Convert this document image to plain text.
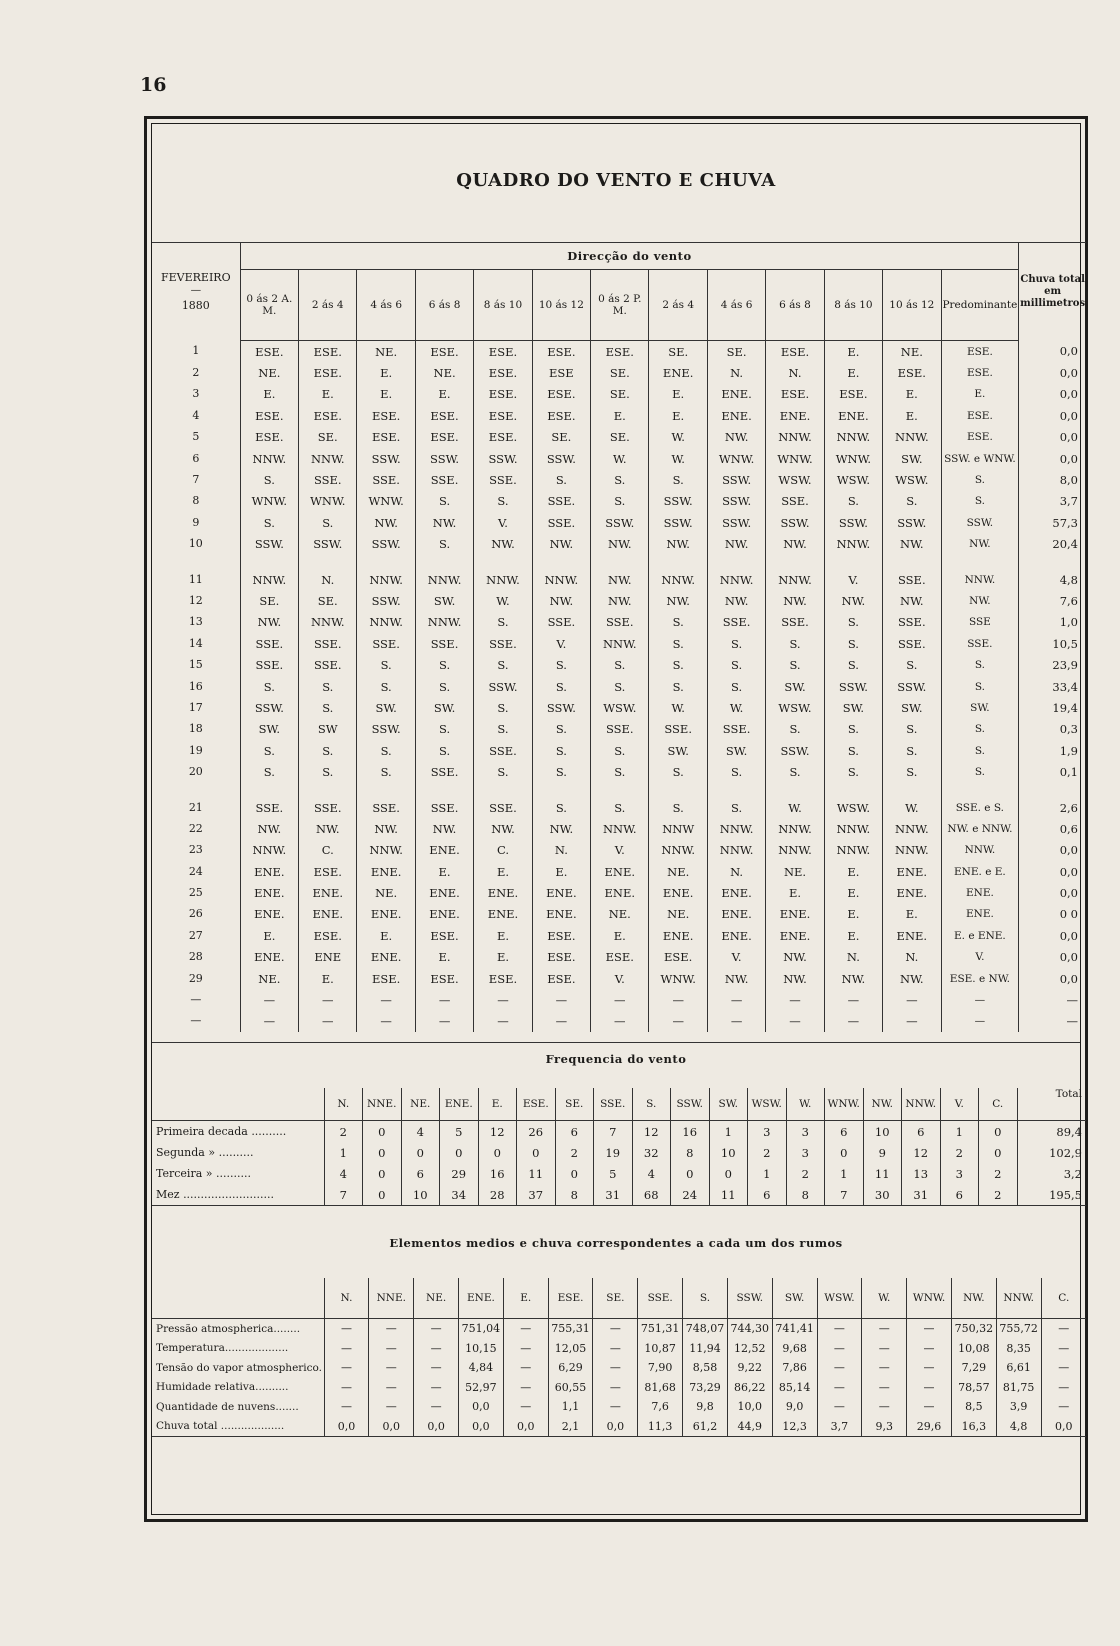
16
QUADRO DO VENTO E CHUVA
FEVEREIRO
—
1880	Direcção do vento													Chuva total em millimetros
	0 ás 2 A. M.	2 ás 4	4 ás 6	6 ás 8	8 ás 10	10 ás 12	0 ás 2 P. M.	2 ás 4	4 ás 6	6 ás 8	8 ás 10	10 ás 12	Predominante	
1	ESE.	ESE.	NE.	ESE.	ESE.	ESE.	ESE.	SE.	SE.	ESE.	E.	NE.	ESE.	0,0
2	NE.	ESE.	E.	NE.	ESE.	ESE	SE.	ENE.	N.	N.	E.	ESE.	ESE.	0,0
3	E.	E.	E.	E.	ESE.	ESE.	SE.	E.	ENE.	ESE.	ESE.	E.	E.	0,0
4	ESE.	ESE.	ESE.	ESE.	ESE.	ESE.	E.	E.	ENE.	ENE.	ENE.	E.	ESE.	0,0
5	ESE.	SE.	ESE.	ESE.	ESE.	SE.	SE.	W.	NW.	NNW.	NNW.	NNW.	ESE.	0,0
6	NNW.	NNW.	SSW.	SSW.	SSW.	SSW.	W.	W.	WNW.	WNW.	WNW.	SW.	SSW. e WNW.	0,0
7	S.	SSE.	SSE.	SSE.	SSE.	S.	S.	S.	SSW.	WSW.	WSW.	WSW.	S.	8,0
8	WNW.	WNW.	WNW.	S.	S.	SSE.	S.	SSW.	SSW.	SSE.	S.	S.	S.	3,7
9	S.	S.	NW.	NW.	V.	SSE.	SSW.	SSW.	SSW.	SSW.	SSW.	SSW.	SSW.	57,3
10	SSW.	SSW.	SSW.	S.	NW.	NW.	NW.	NW.	NW.	NW.	NNW.	NW.	NW.	20,4

11	NNW.	N.	NNW.	NNW.	NNW.	NNW.	NW.	NNW.	NNW.	NNW.	V.	SSE.	NNW.	4,8
12	SE.	SE.	SSW.	SW.	W.	NW.	NW.	NW.	NW.	NW.	NW.	NW.	NW.	7,6
13	NW.	NNW.	NNW.	NNW.	S.	SSE.	SSE.	S.	SSE.	SSE.	S.	SSE.	SSE	1,0
14	SSE.	SSE.	SSE.	SSE.	SSE.	V.	NNW.	S.	S.	S.	S.	SSE.	SSE.	10,5
15	SSE.	SSE.	S.	S.	S.	S.	S.	S.	S.	S.	S.	S.	S.	23,9
16	S.	S.	S.	S.	SSW.	S.	S.	S.	S.	SW.	SSW.	SSW.	S.	33,4
17	SSW.	S.	SW.	SW.	S.	SSW.	WSW.	W.	W.	WSW.	SW.	SW.	SW.	19,4
18	SW.	SW	SSW.	S.	S.	S.	SSE.	SSE.	SSE.	S.	S.	S.	S.	0,3
19	S.	S.	S.	S.	SSE.	S.	S.	SW.	SW.	SSW.	S.	S.	S.	1,9
20	S.	S.	S.	SSE.	S.	S.	S.	S.	S.	S.	S.	S.	S.	0,1

21	SSE.	SSE.	SSE.	SSE.	SSE.	S.	S.	S.	S.	W.	WSW.	W.	SSE. e S.	2,6
22	NW.	NW.	NW.	NW.	NW.	NW.	NNW.	NNW	NNW.	NNW.	NNW.	NNW.	NW. e NNW.	0,6
23	NNW.	C.	NNW.	ENE.	C.	N.	V.	NNW.	NNW.	NNW.	NNW.	NNW.	NNW.	0,0
24	ENE.	ESE.	ENE.	E.	E.	E.	ENE.	NE.	N.	NE.	E.	ENE.	ENE. e E.	0,0
25	ENE.	ENE.	NE.	ENE.	ENE.	ENE.	ENE.	ENE.	ENE.	E.	E.	ENE.	ENE.	0,0
26	ENE.	ENE.	ENE.	ENE.	ENE.	ENE.	NE.	NE.	ENE.	ENE.	E.	E.	ENE.	0 0
27	E.	ESE.	E.	ESE.	E.	ESE.	E.	ENE.	ENE.	ENE.	E.	ENE.	E. e ENE.	0,0
28	ENE.	ENE	ENE.	E.	E.	ESE.	ESE.	ESE.	V.	NW.	N.	N.	V.	0,0
29	NE.	E.	ESE.	ESE.	ESE.	ESE.	V.	WNW.	NW.	NW.	NW.	NW.	ESE. e NW.	0,0
—	—	—	—	—	—	—	—	—	—	—	—	—	—	—
—	—	—	—	—	—	—	—	—	—	—	—	—	—	—
Frequencia do vento
	N.	NNE.	NE.	ENE.	E.	ESE.	SE.	SSE.	S.	SSW.	SW.	WSW.	W.	WNW.	NW.	NNW.	V.	C.	Total
Primeira decada ..........	2	0	4	5	12	26	6	7	12	16	1	3	3	6	10	6	1	0	89,4
Segunda » ..........	1	0	0	0	0	0	2	19	32	8	10	2	3	0	9	12	2	0	102,9
Terceira » ..........	4	0	6	29	16	11	0	5	4	0	0	1	2	1	11	13	3	2	3,2
Mez ..........................	7	0	10	34	28	37	8	31	68	24	11	6	8	7	30	31	6	2	195,5
Elementos medios e chuva correspondentes a cada um dos rumos
	N.	NNE.	NE.	ENE.	E.	ESE.	SE.	SSE.	S.	SSW.	SW.	WSW.	W.	WNW.	NW.	NNW.	C.
Pressão atmospherica........	—	—	—	751,04	—	755,31	—	751,31	748,07	744,30	741,41	—	—	—	750,32	755,72	—
Temperatura...................	—	—	—	10,15	—	12,05	—	10,87	11,94	12,52	9,68	—	—	—	10,08	8,35	—
Tensão do vapor atmospherico.	—	—	—	4,84	—	6,29	—	7,90	8,58	9,22	7,86	—	—	—	7,29	6,61	—
Humidade relativa..........	—	—	—	52,97	—	60,55	—	81,68	73,29	86,22	85,14	—	—	—	78,57	81,75	—
Quantidade de nuvens.......	—	—	—	0,0	—	1,1	—	7,6	9,8	10,0	9,0	—	—	—	8,5	3,9	—
Chuva total ...................	0,0	0,0	0,0	0,0	0,0	2,1	0,0	11,3	61,2	44,9	12,3	3,7	9,3	29,6	16,3	4,8	0,0
